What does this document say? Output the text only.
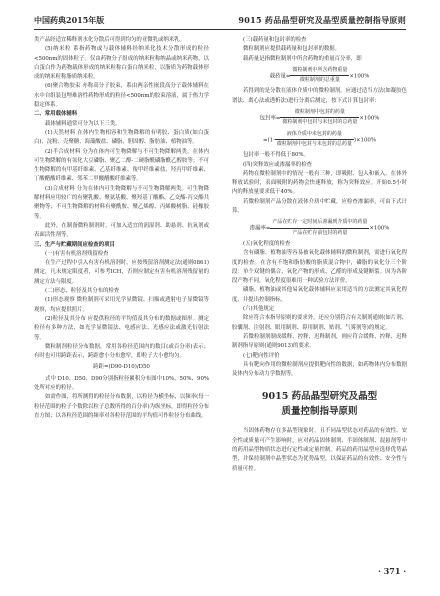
中国药典2015年版	9015 药品晶型研究及晶型质量控制指导原则

类产品经适宜稀释剂水化分散后可得到均匀的亚微乳或纳米乳。

(5)纳米粒 系指药物或与载体辅料经纳米化技术分散形成的粒径<500nm的固体粒子。仅由药物分子组成的纳米粒称纳晶或纳米药物，以白蛋白作为药物载体形成的纳米粒称白蛋白纳米粒，以脂质为药物载体形成的纳米粒称脂质纳米粒。

(6)聚合物胶束 亦称高分子胶束，系由两亲性嵌段高分子载体辅料在水中自组装包埋难溶性药物形成的粒径<500nm的胶束溶液，属于热力学稳定体系。

二、常用载体辅料

载体辅料通常可分为以下三类。

(1)天然材料 在体内生物相容和生物降解的有明胶、蛋白质(如白蛋白)、淀粉、壳聚糖、海藻酸盐、磷脂、胆固醇、脂肪油、植物油等。

(2)半合成材料 分为在体内可生物降解与不可生物降解两类。在体内可生物降解的有氢化大豆磷脂、聚乙二醇-二硬脂酰磷脂酰乙醇胺等；不可生物降解的有甲基纤维素、乙基纤维素、羧甲纤维素盐、羟丙甲纤维素、丁酸醋酸纤维素、邻苯二甲酸醋酸纤维素等。

(3)合成材料 分为在体内可生物降解与不可生物降解两类。可生物降解材料应用较广的有聚乳酸、聚氨基酸、聚羟基丁酸酯、乙交酯-丙交酯共聚物等；不可生物降解的材料有聚酰胺、聚乙烯醇、丙烯酸树脂、硅橡胶等。

此外，在制备微粒制剂时，可加入适宜的润湿剂、助悬剂、抗氧剂或表面活性剂等。

三、生产与贮藏期间应检查的项目

(一)有害有机溶剂残留检查

在生产过程中引入有害有机溶剂时，应按残留溶剂测定法(通则0861)测定，凡未规定限度者，可参考ICH，否则应制定有害有机溶剂残留量的测定方法与限度。

(二)形态、粒径及其分布的检查

(1)形态观察 微粒制剂可采用光学显微镜、扫描或透射电子显微镜等观察，均应提供照片。

(2)粒径及其分布 应提供粒径的平均值及其分布的数据或图形。测定粒径有多种方法，如光学显微镜法、电感应法、光感应法或激光衍射法等。

微粒制剂粒径分布数据，常用各粒径范围内的数目(或百分率)表示；有时也可用跨距表示，跨距愈小分布愈窄，即粒子大小愈均匀。

跨距=(D90-D10)/D50

式中 D10、D50、D90分别指粒径累积分布图中10%、50%、90%处所对应的粒径。

如需作图，将所测得的粒径分布数据，以粒径为横坐标，以频率(每一粒径范围的粒子个数除以粒子总数所得的百分率)为纵坐标，即得粒径分布直方图；以各粒径范围的频率对各粒径范围的平均值可作粒径分布曲线。

(三)载药量和包封率的检查

微粒制剂应提供载药量和包封率的数据。

载药量是指微粒制剂中所含药物的重量百分率，即

载药量= $\frac{\text{微粒制剂中所含药物重量}}{\text{微粒制剂的总重量}} \times 100\%$

若得到的是分散在液体介质中的微粒制剂，应通过适当方法(如凝胶色谱法、离心法或透析法)进行分离后测定，按下式计算包封率：

包封率= $\frac{\text{微粒制剂中包封的药量}}{\text{微粒制剂中包封与未包封的总药量}} \times 100\%$
$=(1- \frac{\text{液体介质中未包封的药量}}{\text{微粒制剂中包封与未包封的总药量}} )\times 100\%$

包封率一般不得低于80%。

(四)突释效应或渗漏率的检查

药物在微粒制剂中的情况一般有三种，即吸附、包入和嵌入。在体外释放试验时，表面吸附的药物会快速释放，称为突释效应。开始0.5小时内的释放量要求低于40%。

若微粒制剂产品分散在液体介质中贮藏，应检查渗漏率，可由下式计算。

渗漏率= $\frac{\text{产品在贮存一定时间后渗漏到介质中的药量}}{\text{产品在贮存前包封的药量}} \times 100\%$

(五)氧化程度的检查

含有磷脂、植物油等容易被氧化载体辅料的微粒制剂，需进行氧化程度的检查。在含有不饱和脂肪酸的脂质混合物中，磷脂的氧化分三个阶段：单个双键的偶合、氧化产物的形成、乙醛的形成及键断裂。因为各阶段产物不同，氧化程度很难用一种试验方法评价。

磷脂、植物油或其他易氧化载体辅料应采用适当的方法测定其氧化程度，并提出控制指标。

(六)其他规定

除应符合本指导原则的要求外，还应分别符合有关制剂通则(如片剂、胶囊剂、注射剂、眼用制剂、鼻用制剂、贴剂、气雾剂等)的规定。

若微粒制剂制成缓释、控释、迟释制剂，则应符合缓释、控释、迟释制剂指导原则(通则9013)的要求。

(七)靶向性评价

具有靶向作用的微粒制剂应提供靶向性的数据，如药物体内分布数据及体内分布动力学数据等。

9015 药品晶型研究及晶型
质量控制指导原则

当固体药物存在多晶型现象时，且不同晶型状态对药品的有效性、安全性或质量可产生影响时，应对药品固体制剂、半固体制剂、混悬剂等中的药用晶型物质状态进行定性或定量控制。药品的药用晶型应选择优势晶型，并保持制剂中晶型状态为优势晶型，以保证药品的有效性、安全性与质量可控。

· 371 ·
